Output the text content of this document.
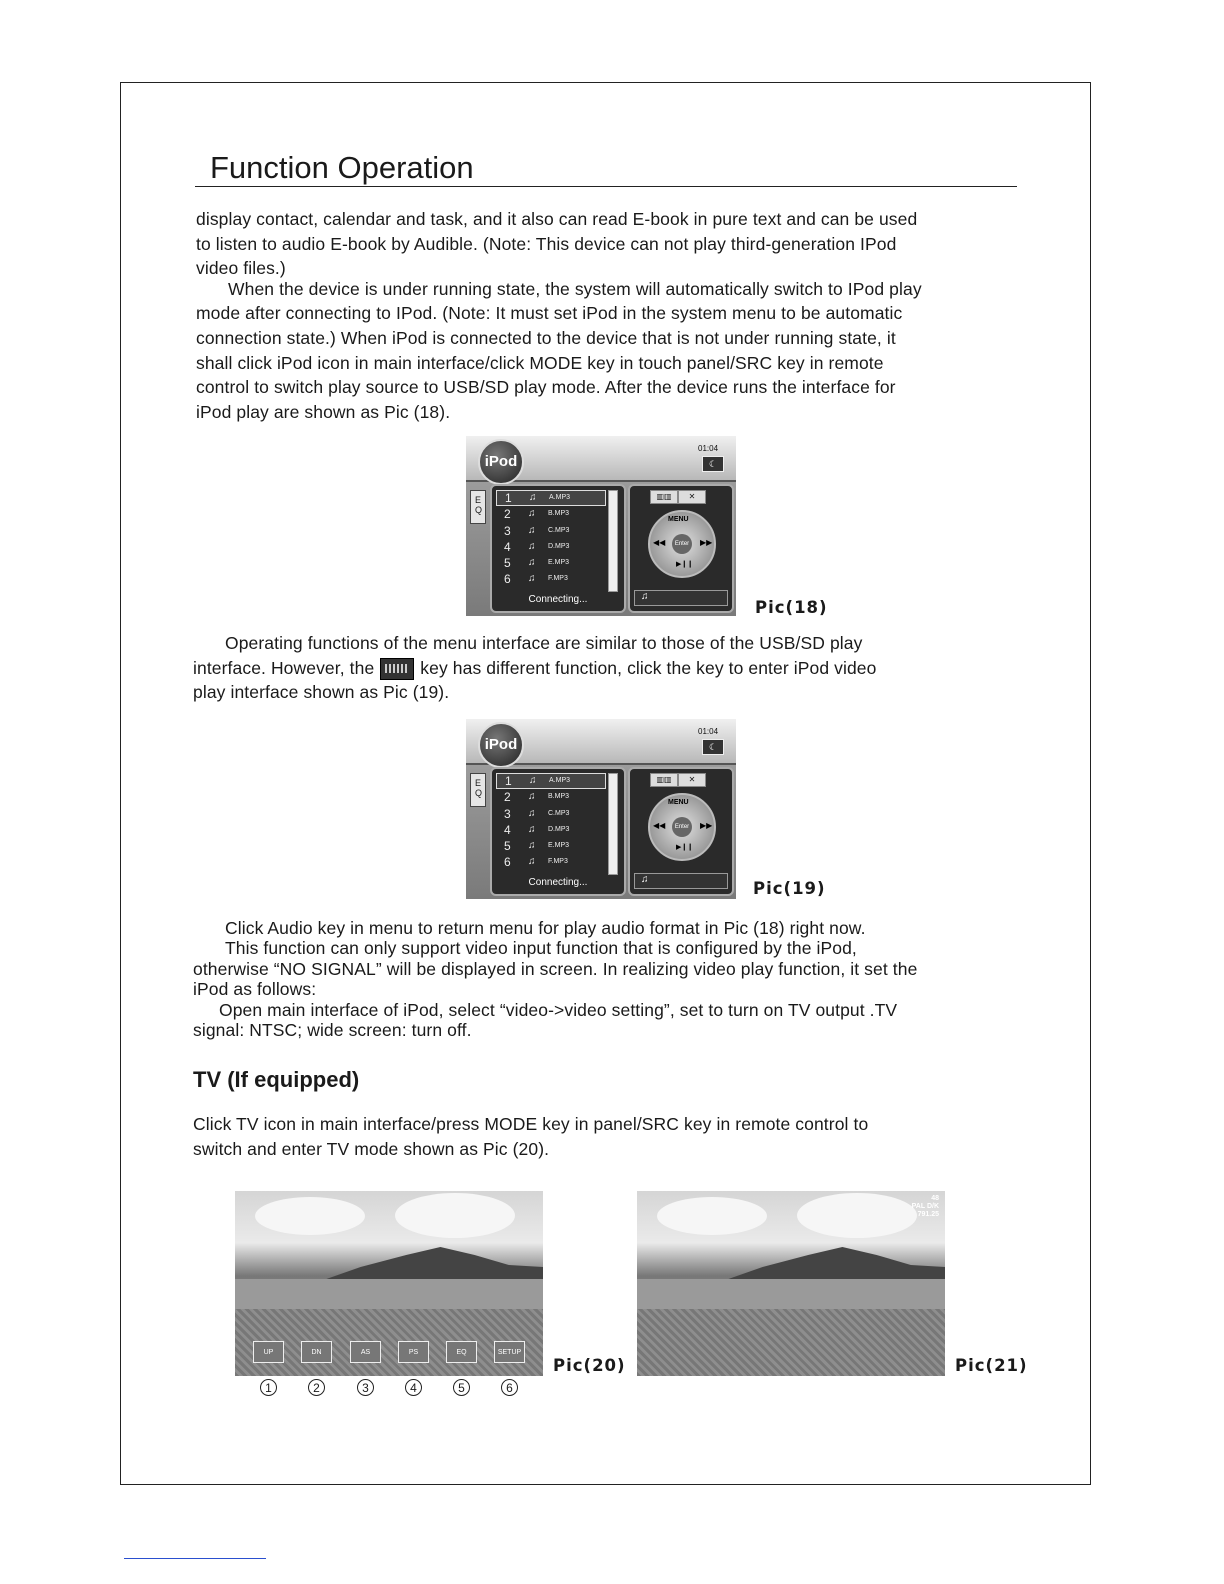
Function Operation
display contact, calendar and task, and it also can read E-book in pure text and can be used
to listen to audio E-book by Audible. (Note: This device can not play third-generation IPod
video files.)
When the device is under running state, the system will automatically switch to IPod play
mode after connecting to IPod. (Note: It must set iPod in the system menu to be automatic
connection state.) When iPod is connected to the device that is not under running state, it
shall click iPod icon in main interface/click MODE key in touch panel/SRC key in remote
control to switch play source to USB/SD play mode. After the device runs the interface for
iPod play are shown as Pic (18).
iPod
01:04
☾
EQ
1 ♫ A.MP3
2 ♫ B.MP3
3 ♫ C.MP3
4 ♫ D.MP3
5 ♫ E.MP3
6 ♫ F.MP3
Connecting...
▥▥	✕
MENU
◀◀	Enter	▶▶
▶❙❙
♫
Pic(18)
Operating functions of the menu interface are similar to those of the USB/SD play
interface. However, the	key has different function, click the key to enter iPod video
play interface shown as Pic (19).
iPod
01:04
☾
EQ
1 ♫ A.MP3
2 ♫ B.MP3
3 ♫ C.MP3
4 ♫ D.MP3
5 ♫ E.MP3
6 ♫ F.MP3
Connecting...
▥▥	✕
MENU
◀◀	Enter	▶▶
▶❙❙
♫	Pic(19)
Click Audio key in menu to return menu for play audio format in Pic (18) right now.
This function can only support video input function that is configured by the iPod,
otherwise “NO SIGNAL” will be displayed in screen. In realizing video play function, it set the
iPod as follows:
Open main interface of iPod, select “video->video setting”, set to turn on TV output .TV
signal: NTSC; wide screen: turn off.
TV (If equipped)
Click TV icon in main interface/press MODE key in panel/SRC key in remote control to
switch and enter TV mode shown as Pic (20).
UP	DN	AS	PS	EQ	SETUP
Pic(20)
1	2	3	4	5	6
48
PAL D/K
791.25
Pic(21)
